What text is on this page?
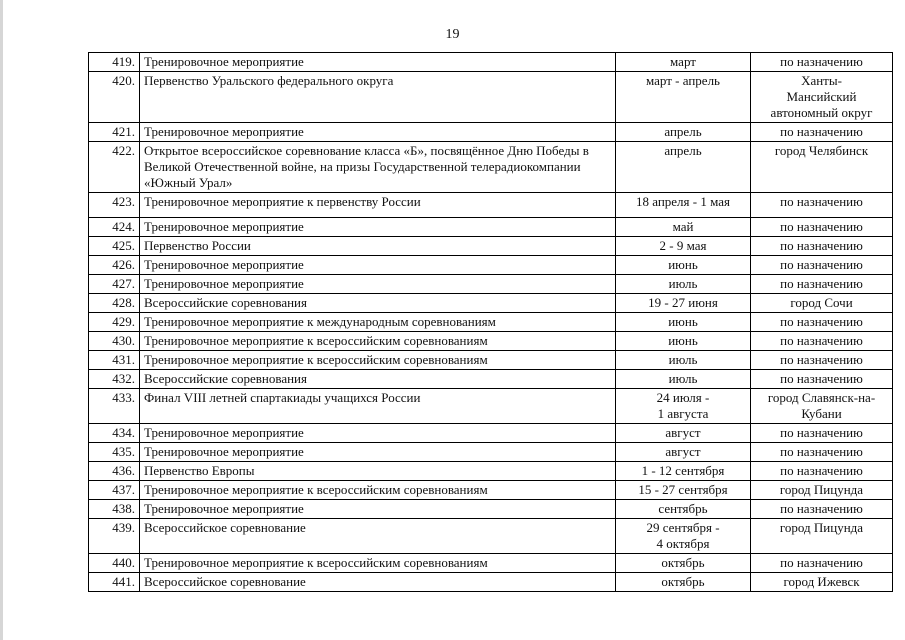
19
419.	Тренировочное мероприятие	март	по назначению
420.	Первенство Уральского федерального округа	март - апрель	Ханты-
Мансийский
автономный округ
421.	Тренировочное мероприятие	апрель	по назначению
422.	Открытое всероссийское соревнование класса «Б», посвящённое Дню Победы в Великой Отечественной войне, на призы Государственной телерадиокомпании «Южный Урал»	апрель	город Челябинск
423.	Тренировочное мероприятие к первенству России	18 апреля - 1 мая	по назначению
424.	Тренировочное мероприятие	май	по назначению
425.	Первенство России	2 - 9 мая	по назначению
426.	Тренировочное мероприятие	июнь	по назначению
427.	Тренировочное мероприятие	июль	по назначению
428.	Всероссийские соревнования	19 - 27 июня	город Сочи
429.	Тренировочное мероприятие к международным соревнованиям	июнь	по назначению
430.	Тренировочное мероприятие к всероссийским соревнованиям	июнь	по назначению
431.	Тренировочное мероприятие к всероссийским соревнованиям	июль	по назначению
432.	Всероссийские соревнования	июль	по назначению
433.	Финал VIII летней спартакиады учащихся России	24 июля -
1 августа	город Славянск-на-
Кубани
434.	Тренировочное мероприятие	август	по назначению
435.	Тренировочное мероприятие	август	по назначению
436.	Первенство Европы	1 - 12 сентября	по назначению
437.	Тренировочное мероприятие к всероссийским соревнованиям	15 - 27 сентября	город Пицунда
438.	Тренировочное мероприятие	сентябрь	по назначению
439.	Всероссийское соревнование	29 сентября -
4 октября	город Пицунда
440.	Тренировочное мероприятие к всероссийским соревнованиям	октябрь	по назначению
441.	Всероссийское соревнование	октябрь	город Ижевск
